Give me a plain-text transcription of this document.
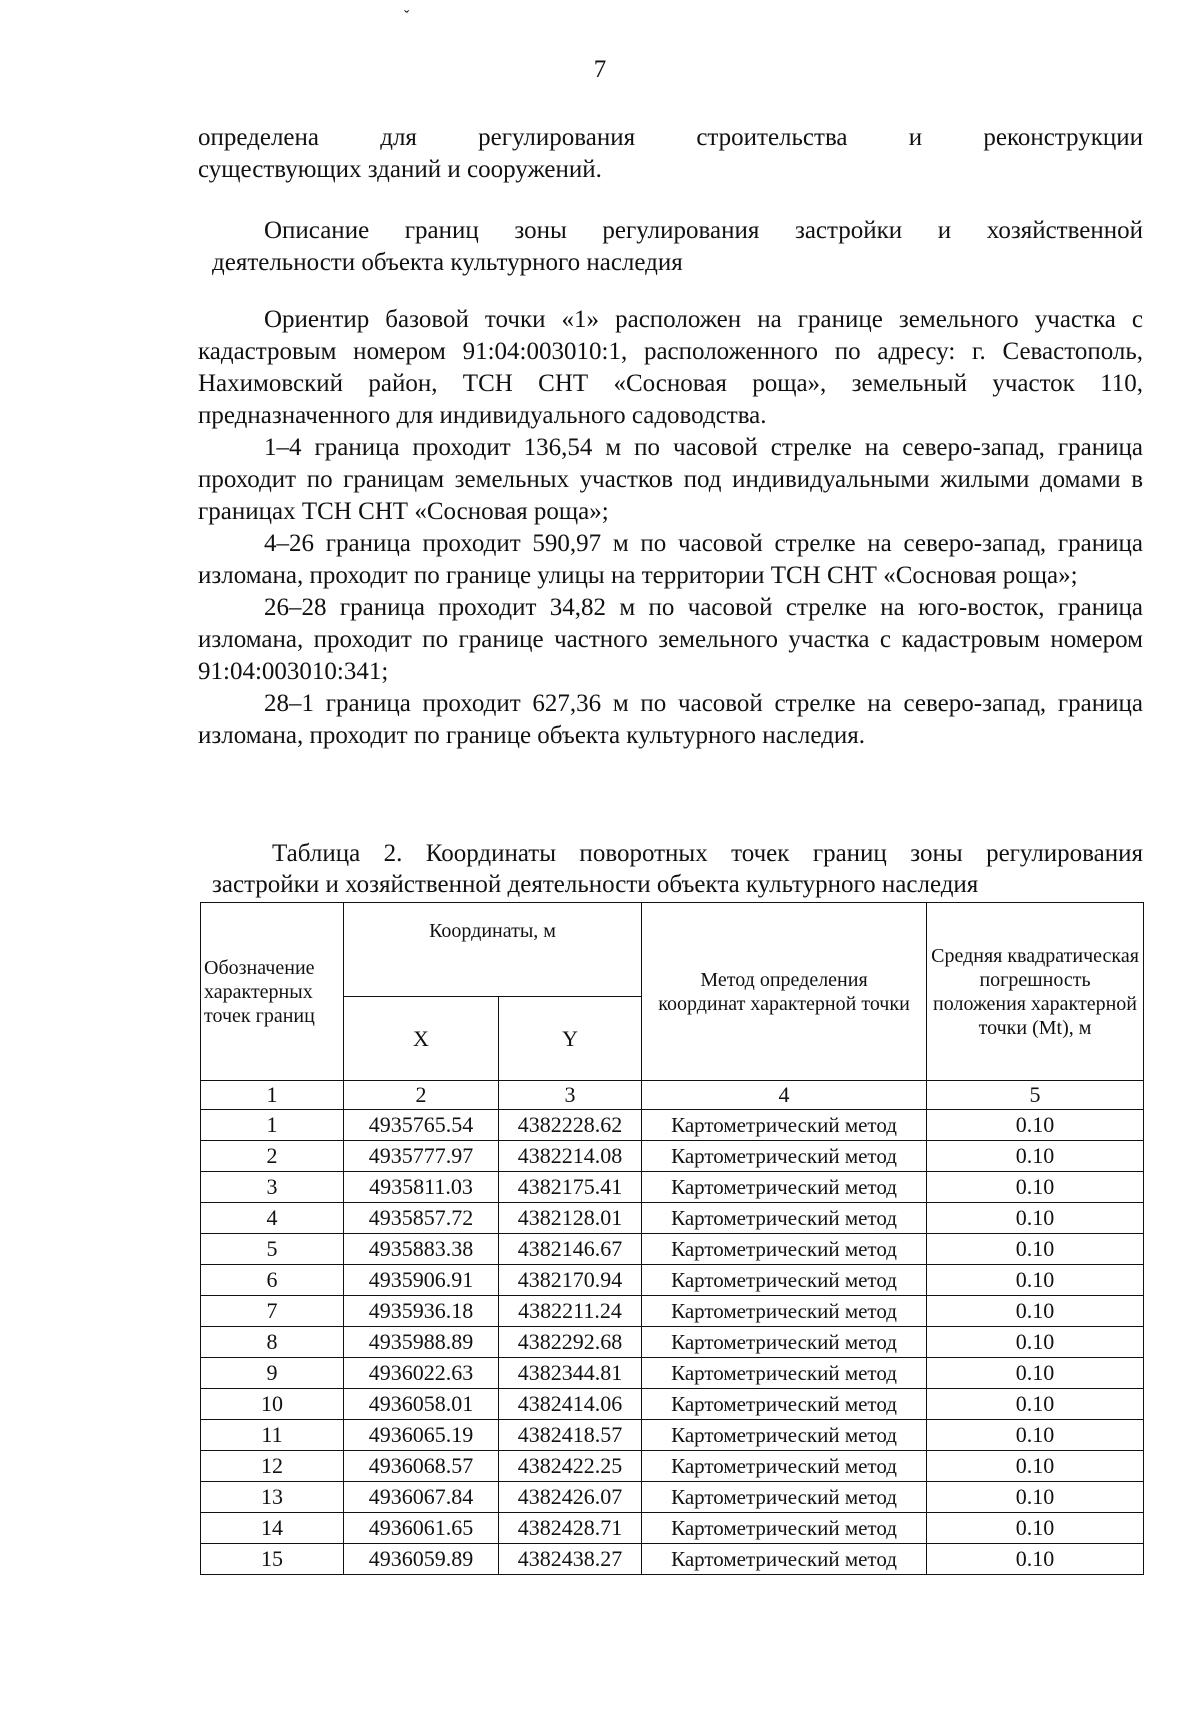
ˇ
7

определена для регулирования строительства и реконструкции

существующих зданий и сооружений.

Описание границ зоны регулирования застройки и хозяйственной

деятельности объекта культурного наследия

Ориентир базовой точки «1» расположен на границе земельного участка с кадастровым номером 91:04:003010:1, расположенного по адресу: г. Севастополь, Нахимовский район, ТСН СНТ «Сосновая роща», земельный участок 110, предназначенного для индивидуального садоводства.

1–4 граница проходит 136,54 м по часовой стрелке на северо-запад, граница проходит по границам земельных участков под индивидуальными жилыми домами в границах ТСН СНТ «Сосновая роща»;

4–26 граница проходит 590,97 м по часовой стрелке на северо-запад, граница изломана, проходит по границе улицы на территории ТСН СНТ «Сосновая роща»;

26–28 граница проходит 34,82 м по часовой стрелке на юго-восток, граница изломана, проходит по границе частного земельного участка с кадастровым номером 91:04:003010:341;

28–1 граница проходит 627,36 м по часовой стрелке на северо-запад, граница изломана, проходит по границе объекта культурного наследия.

Таблица 2. Координаты поворотных точек границ зоны регулирования

застройки и хозяйственной деятельности объекта культурного наследия

Обозначение характерных точек границ	Координаты, м		Метод определения координат характерной точки	Средняя квадратическая погрешность положения характерной точки (Mt), м
	X	Y		
1	2	3	4	5
1	4935765.54	4382228.62	Картометрический метод	0.10
2	4935777.97	4382214.08	Картометрический метод	0.10
3	4935811.03	4382175.41	Картометрический метод	0.10
4	4935857.72	4382128.01	Картометрический метод	0.10
5	4935883.38	4382146.67	Картометрический метод	0.10
6	4935906.91	4382170.94	Картометрический метод	0.10
7	4935936.18	4382211.24	Картометрический метод	0.10
8	4935988.89	4382292.68	Картометрический метод	0.10
9	4936022.63	4382344.81	Картометрический метод	0.10
10	4936058.01	4382414.06	Картометрический метод	0.10
11	4936065.19	4382418.57	Картометрический метод	0.10
12	4936068.57	4382422.25	Картометрический метод	0.10
13	4936067.84	4382426.07	Картометрический метод	0.10
14	4936061.65	4382428.71	Картометрический метод	0.10
15	4936059.89	4382438.27	Картометрический метод	0.10
